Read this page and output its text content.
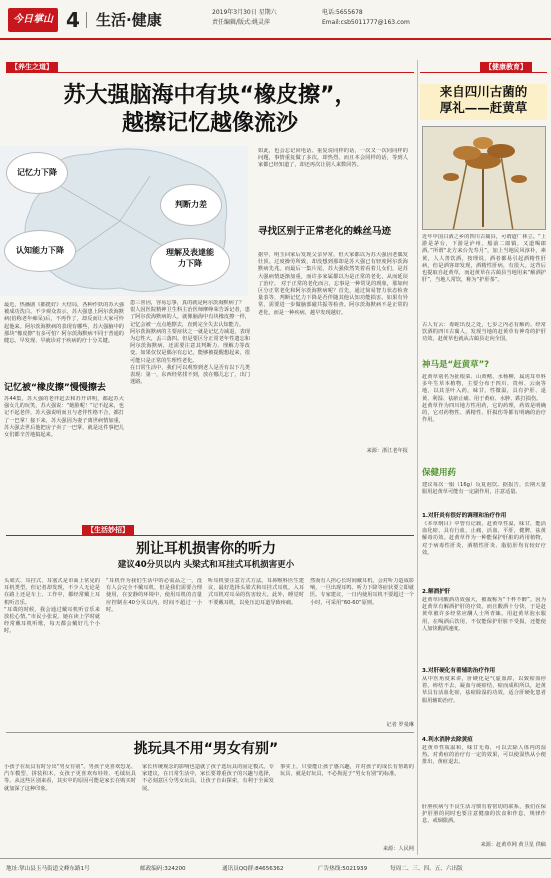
今日掌山 4 生活·健康	2019年3月30日 星期六
责任编辑/版式:姚灵萍
电话:5655678
Email:csb5011777@163.com
【养生之道】
苏大强脑海中有块“橡皮擦”，
越擦记忆越像流沙
记忆力下降
判断力差
认知能力下降	理解及表達能力下降
最近，热播剧《都挺好》大结局，各种作妖的苏大强被成功洗白。不少观众表示，苏大强患上阿尔茨海默病(俗称老年痴呆)后，不再作了，却反而让大家可怜起他来。阿尔茨海默病的表现有哪些，苏大强脑中的那块“橡皮擦”有多可怕？阿尔茨海默病不同于普通的健忘。早发现、早就诊对于疾病的疗十分关键。
记忆被“橡皮擦”慢慢擦去
苏44集，苏大强的老伴赶去和苏开讲明，都起苏大强女儿的玩笑，苏大强说：“她脸呢！”记不起来，也记不起老伴，苏大强说明而且与老伴性格不合，都打了一巴掌！接下来，苏大强因为妻子离世病情加重，苏大强去世后他把房子卖了一巴掌，就是这件事把儿女们都辛苦地搞起来。
患三喜因，容易忘事，真的就是阿尔茨海默病了？
很人因医院精神卫生科主治医师摩峥荣告诉记者，患了阿尔茨海默病的人，就像脑海中有块橡皮擦一样，记忆会被一点点地擦去，直到完全失去认知能力。
阿尔茨海默病的主要症状之一就是记忆力减退，表现为忘性大，丢三落四。但是要区分正常老年性遗忘和阿尔茨海默病，还需要注意其判断力、理解力等改变。如果仅仅是偶尔有忘记，能够被提醒想起来，很可能只是正常的生理性老化。
在日常生活中，我们可以观察到老人是否有以下几类表现：第一，东西经常找不到，放在哪儿忘了，出门迷路。
如此，也会忘记回电话、重复说同样的话，一次又一次同同样的问题，事情重复做了多次，却热烈。而且本会同样的话，等到人家都已经知道了，却还再次让别人来数回答。
寻找区别于正常老化的蛛丝马迹
据中，明玉回家后发现父亲异常，但大家都以为苏大强因老偶发壮顶。过度操劳所致，却没想到那却是苏大强已有轻度阿尔茨海默病先兆。而最后一集片尾，苏大强依然笑着看着儿女们，是苏大强病情逐渐加重，而许多家属都以为是正常的老化，从而延误了治疗。 对于正常的老化而言，忘事是一种常见的现象，那如何区分正常老化和阿尔茨海默病呢？首先，通过简易智力状态检查量表等，判断记忆力下降是否伴随其他认知功能损害。如果有异常，需要进一步做脑部磁共振等检查。阿尔茨海默病不是正常的老化，而是一种疾病，越早发现越好。
来源：浙江老年报
【健康教育】
来自四川古菌的
厚礼——赶黄草
近年中国白酒之乡的四川古蔺县，可谓道厂林立。“上游是茅台，下游是泸州，船前二郎镇，又道喝郎酒。”所谓“北方来台先寿月”，加上当地民风淳朴，素黄，人人善饮酒，按理说，酒者都易引起酒精性肝病，但是酒客却发现，酒精性肝病，有很大。这背后也提取自赶黄草，而赶黄草在古蔺县当地用来“解酒护肝”，当地人常饮，称为“护肝茶”。
古人有云：毒蛇出没之处，七步之内必有解药。经常饮酒的四川古蔺人，发现当地的赶黄草有神奇的护肝功效，赶黄草也就从古蔺县走向全国。
神马是“赶黄草”?
赶黄草别名为扯根菜、山黄鳝、水杨柳，属虎耳草科多年生草本植物，主要分布于四川、贵州、云南等地，以其茎叶入药，味甘，性微温，具有护肝、退黄、利湿、祛瘀止痛、用于黄疸、水肿、跌打损伤。
赶黄草作为四川地方性用药，它的药理，药效是明确的，它对药物性、酒精性、肝损伤等都有明确的治疗作用。
保健用药
建议每次一服（16g）反复泡饮。据报告，长期大量服用赶黄草可能有一定副作用，注意适量。
1.对肝炎有很好的调理和治疗作用
《本草纲目》中曾有记载，赶黄草性温，味甘，能活血化瘀，具有行血，止痛，活血，平肝，健脾，祛黄解毒功效。赶黄草作为一种能保护肝脏的药用植物，对于病毒性肝炎、酒精性肝炎、脂肪肝均有较好疗效。
2.解酒护肝
赶黄草同酸酒功效强大，被戏称为“千杯不醉”。因为赶黄草有解酒护肝的疗效，而且酸酒十分快，于是赶黄草被许多经常应酬人士所青睐。用赶黄草泡水服用，在喝酒后饮用，不仅能保护肝脏不受损，还能使人加快醒酒速度。
3.对肝硬化有着辅助治疗作用
从中医角度来讲，肝硬化是气虚血滞，以致瘀血停着，痹结不去，凝血与痰瘀结，瘀而成积所以，赶黄草具有活血化瘀，祛瘀除湿的功效，适合肝硬化患者服用辅助治疗。
4.利水消肿去除黄疸
赶黄草性质温和，味甘无毒，可以去除人体内的湿热。对黄疸的治疗有一定的效果，可以使湿热从小便排出，黄疸退去。
肝胆疾病与不良生活习惯有着密切的联系，我们在保护肝胆的同时也要注意健康的饮食和作息，规律作息，戒烟限酒。
来源：赶黄草网 黄卫星 供稿
【生活妙招】
别让耳机损害你的听力
建议40分贝以内 头梁式和耳挂式耳机损害更小
头梁式、耳挂式、耳塞式是市面上常见的耳机类型。但记者却发现，不少人无论是在路上还是车上、工作中，都经常戴上耳机听音乐。
“耳聋的时候，我会通过戴耳机听音乐来放松心情。”市民小张说。她在读上学时就经常戴耳机听歌，每天都会戴好几个小时。
“耳机作为我们生活中的必需品之一，没有人会完全不戴耳机，但是我们需要合理使用，在安静的环境中，使用耳机的音量应控制在40分贝以内，时间不超过一小时。
听耳机要注意方式方法。耳鼻喉科医生建议，最好选择头梁式和耳挂式耳机，入耳式耳机对耳朵的伤害较大。此外，睡觉时不要戴耳机，以免压迫耳道导致疼痛。
然而有人担心长时间戴耳机，会对听力造成影响，一旦出现耳鸣、听力下降等症状要立即就医。专家建议，一日内使用耳机不要超过一个小时，可采用“60-60”原则。
记者 罗曼琳
挑玩具不用“男女有别”
小孩子在玩具有时分出“男女有别”。男孩子更喜欢恐龙、汽车模型、拼装积木，女孩子更喜欢布娃娃、毛绒玩具等。从这些区别来看，其实中的原因可能是家长在购买时就加深了这种印象。
家长传统观念的影响也造就了孩子选玩具的固定模式。专家建议，在日常生活中，家长要尊重孩子的兴趣与选择，不必刻意区分男女玩具，让孩子自由探索，有利于全面发展。
事实上，只要能让孩子感兴趣，并对孩子的成长有帮助的玩具，就是好玩具，不必拘泥于“男女有别”的标准。
来源：人民网
地址:掌山县玉马街道文峰东路1号	邮政编码:324200	通讯员QQ群:84656362	广告热线:5021939	每周二、三、四、五、六出版
